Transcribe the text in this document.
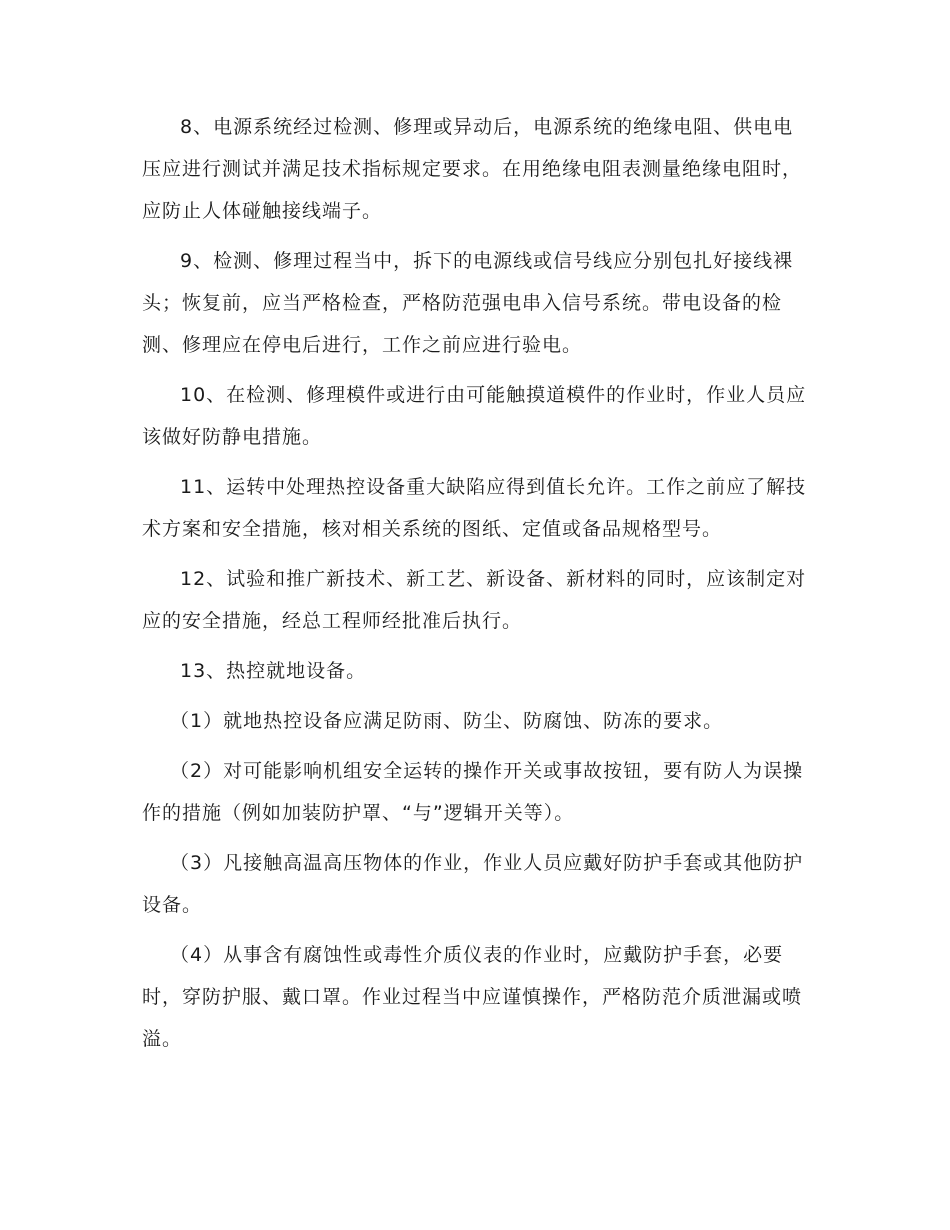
8、电源系统经过检测、修理或异动后，电源系统的绝缘电阻、供电电压应进行测试并满足技术指标规定要求。在用绝缘电阻表测量绝缘电阻时，应防止人体碰触接线端子。

9、检测、修理过程当中，拆下的电源线或信号线应分别包扎好接线裸头；恢复前，应当严格检查，严格防范强电串入信号系统。带电设备的检测、修理应在停电后进行，工作之前应进行验电。

10、在检测、修理模件或进行由可能触摸道模件的作业时，作业人员应该做好防静电措施。

11、运转中处理热控设备重大缺陷应得到值长允许。工作之前应了解技术方案和安全措施，核对相关系统的图纸、定值或备品规格型号。

12、试验和推广新技术、新工艺、新设备、新材料的同时，应该制定对应的安全措施，经总工程师经批准后执行。

13、热控就地设备。

（1）就地热控设备应满足防雨、防尘、防腐蚀、防冻的要求。

（2）对可能影响机组安全运转的操作开关或事故按钮，要有防人为误操作的措施（例如加装防护罩、“与”逻辑开关等）。

（3）凡接触高温高压物体的作业，作业人员应戴好防护手套或其他防护设备。

（4）从事含有腐蚀性或毒性介质仪表的作业时，应戴防护手套，必要时，穿防护服、戴口罩。作业过程当中应谨慎操作，严格防范介质泄漏或喷溢。
